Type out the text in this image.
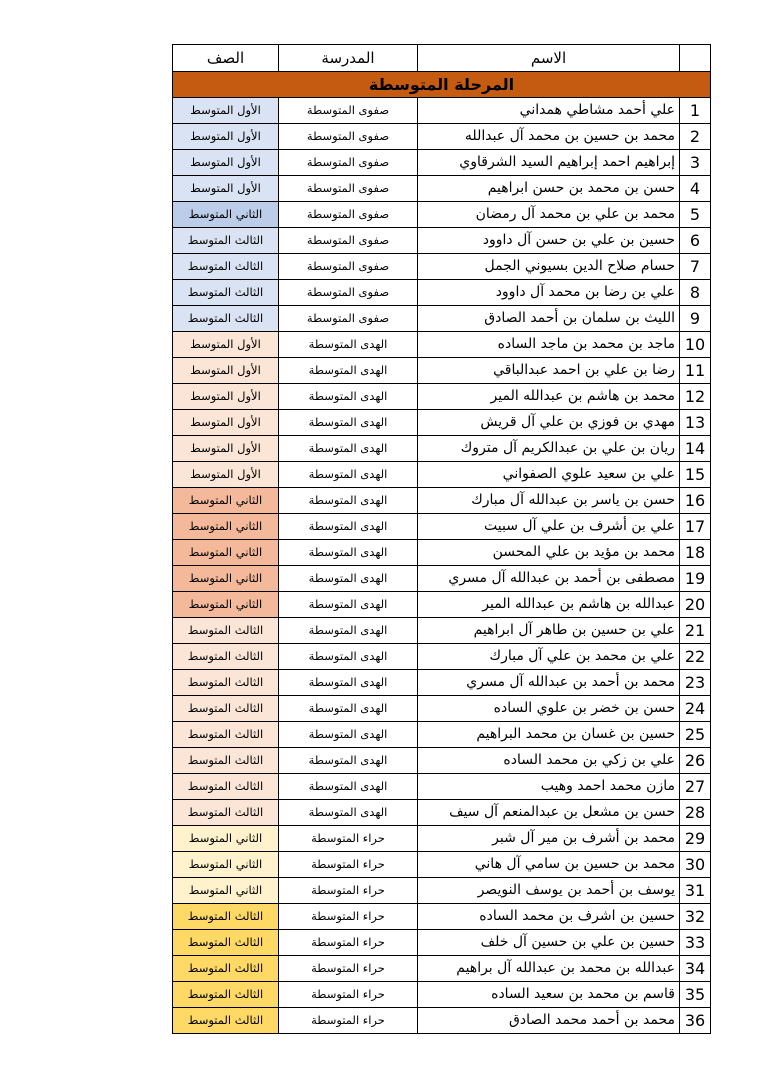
الصف	المدرسة	الاسم	
المرحلة المتوسطة			
الأول المتوسط	صفوى المتوسطة	علي أحمد مشاطي همداني	1
الأول المتوسط	صفوى المتوسطة	محمد بن حسين بن محمد آل عبدالله	2
الأول المتوسط	صفوى المتوسطة	إبراهيم احمد إبراهيم السيد الشرقاوي	3
الأول المتوسط	صفوى المتوسطة	حسن بن محمد بن حسن ابراهيم	4
الثاني المتوسط	صفوى المتوسطة	محمد بن علي بن محمد آل رمضان	5
الثالث المتوسط	صفوى المتوسطة	حسين بن علي بن حسن آل داوود	6
الثالث المتوسط	صفوى المتوسطة	حسام صلاح الدين بسيوني الجمل	7
الثالث المتوسط	صفوى المتوسطة	علي بن رضا بن محمد آل داوود	8
الثالث المتوسط	صفوى المتوسطة	الليث بن سلمان بن أحمد الصادق	9
الأول المتوسط	الهدى المتوسطة	ماجد بن محمد بن ماجد الساده	10
الأول المتوسط	الهدى المتوسطة	رضا بن علي بن احمد عبدالباقي	11
الأول المتوسط	الهدى المتوسطة	محمد بن هاشم بن عبدالله المير	12
الأول المتوسط	الهدى المتوسطة	مهدي بن فوزي بن علي آل قريش	13
الأول المتوسط	الهدى المتوسطة	ريان بن علي بن عبدالكريم آل متروك	14
الأول المتوسط	الهدى المتوسطة	علي بن سعيد علوي الصفواني	15
الثاني المتوسط	الهدى المتوسطة	حسن بن ياسر بن عبدالله آل مبارك	16
الثاني المتوسط	الهدى المتوسطة	علي بن أشرف بن علي آل سبيت	17
الثاني المتوسط	الهدى المتوسطة	محمد بن مؤيد بن علي المحسن	18
الثاني المتوسط	الهدى المتوسطة	مصطفى بن أحمد بن عبدالله آل مسري	19
الثاني المتوسط	الهدى المتوسطة	عبدالله بن هاشم بن عبدالله المير	20
الثالث المتوسط	الهدى المتوسطة	علي بن حسين بن طاهر آل ابراهيم	21
الثالث المتوسط	الهدى المتوسطة	علي بن محمد بن علي آل مبارك	22
الثالث المتوسط	الهدى المتوسطة	محمد بن أحمد بن عبدالله آل مسري	23
الثالث المتوسط	الهدى المتوسطة	حسن بن خضر بن علوي الساده	24
الثالث المتوسط	الهدى المتوسطة	حسين بن غسان بن محمد البراهيم	25
الثالث المتوسط	الهدى المتوسطة	علي بن زكي بن محمد الساده	26
الثالث المتوسط	الهدى المتوسطة	مازن محمد احمد وهيب	27
الثالث المتوسط	الهدى المتوسطة	حسن بن مشعل بن عبدالمنعم آل سيف	28
الثاني المتوسط	حراء المتوسطة	محمد بن أشرف بن مير آل شبر	29
الثاني المتوسط	حراء المتوسطة	محمد بن حسين بن سامي آل هاني	30
الثاني المتوسط	حراء المتوسطة	يوسف بن أحمد بن يوسف النويصر	31
الثالث المتوسط	حراء المتوسطة	حسين بن اشرف بن محمد الساده	32
الثالث المتوسط	حراء المتوسطة	حسين بن علي بن حسين آل خلف	33
الثالث المتوسط	حراء المتوسطة	عبدالله بن محمد بن عبدالله آل براهيم	34
الثالث المتوسط	حراء المتوسطة	قاسم بن محمد بن سعيد الساده	35
الثالث المتوسط	حراء المتوسطة	محمد بن أحمد محمد الصادق	36
